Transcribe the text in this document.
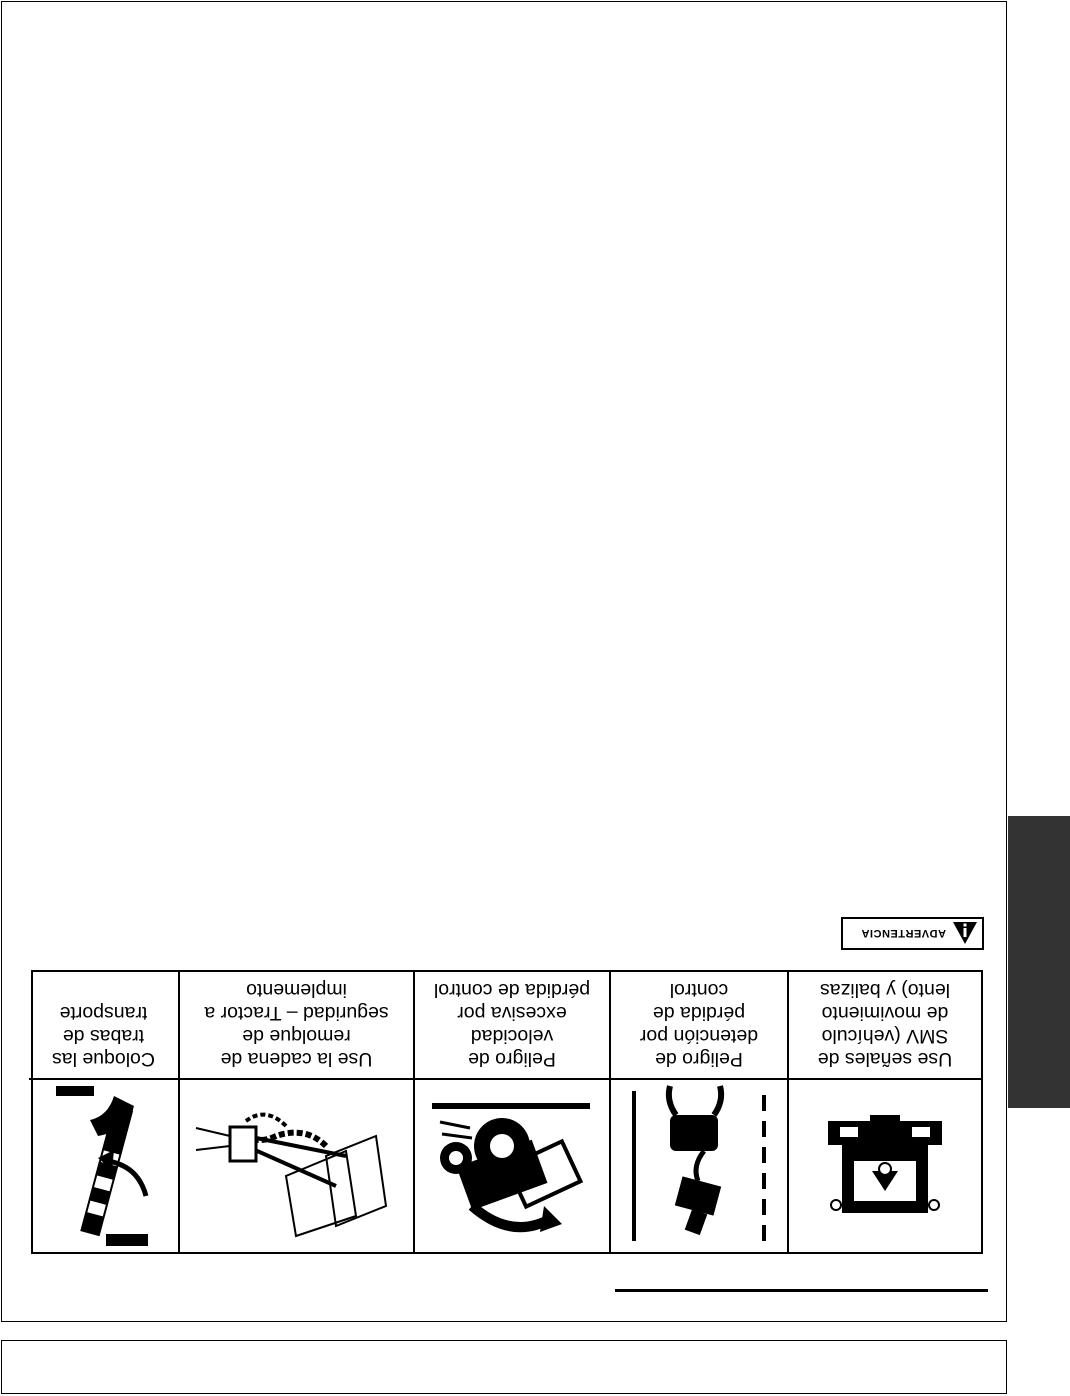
Use señales de
SMV (vehículo
de movimiento
lento) y balizas
Peligro de
detención por
pérdida de
control
Peligro de
velocidad
excesiva por
pérdida de control
Use la cadena de
remolque de
seguridad – Tractor a
implemento
Coloque las
trabas de
transporte
ADVERTENCIA
